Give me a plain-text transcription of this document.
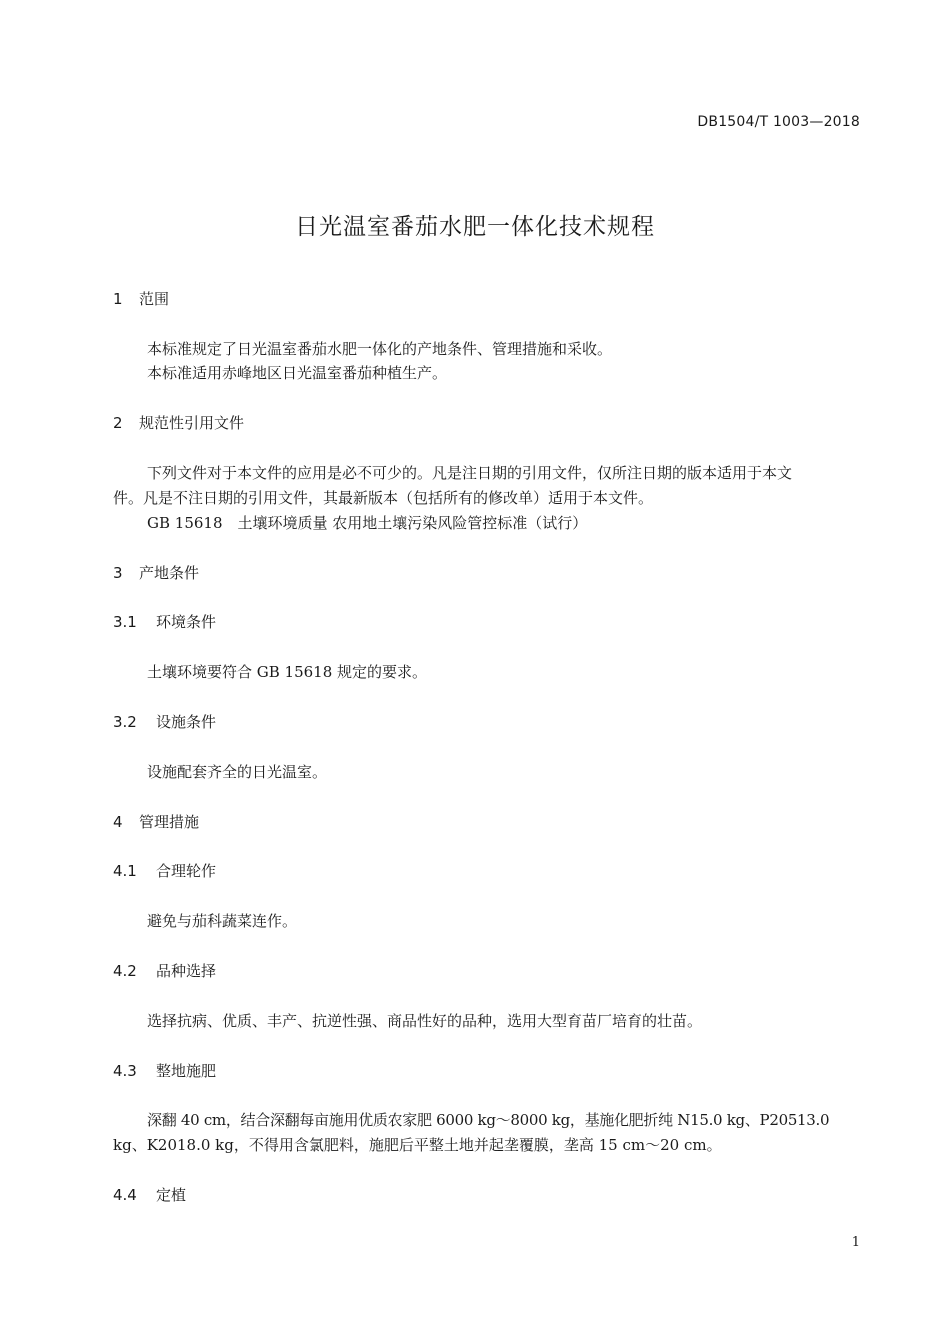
DB1504/T 1003—2018
日光温室番茄水肥一体化技术规程
1 范围
本标准规定了日光温室番茄水肥一体化的产地条件、管理措施和采收。
本标准适用赤峰地区日光温室番茄种植生产。
2 规范性引用文件
下列文件对于本文件的应用是必不可少的。凡是注日期的引用文件，仅所注日期的版本适用于本文
件。凡是不注日期的引用文件，其最新版本（包括所有的修改单）适用于本文件。
GB 15618　土壤环境质量 农用地土壤污染风险管控标准（试行）
3 产地条件
3.1 环境条件
土壤环境要符合 GB 15618 规定的要求。
3.2 设施条件
设施配套齐全的日光温室。
4 管理措施
4.1 合理轮作
避免与茄科蔬菜连作。
4.2 品种选择
选择抗病、优质、丰产、抗逆性强、商品性好的品种，选用大型育苗厂培育的壮苗。
4.3 整地施肥
深翻 40 cm，结合深翻每亩施用优质农家肥 6000 kg～8000 kg，基施化肥折纯 N15.0 kg、P20513.0
kg、K2018.0 kg，不得用含氯肥料，施肥后平整土地并起垄覆膜，垄高 15 cm～20 cm。
4.4 定植
1
